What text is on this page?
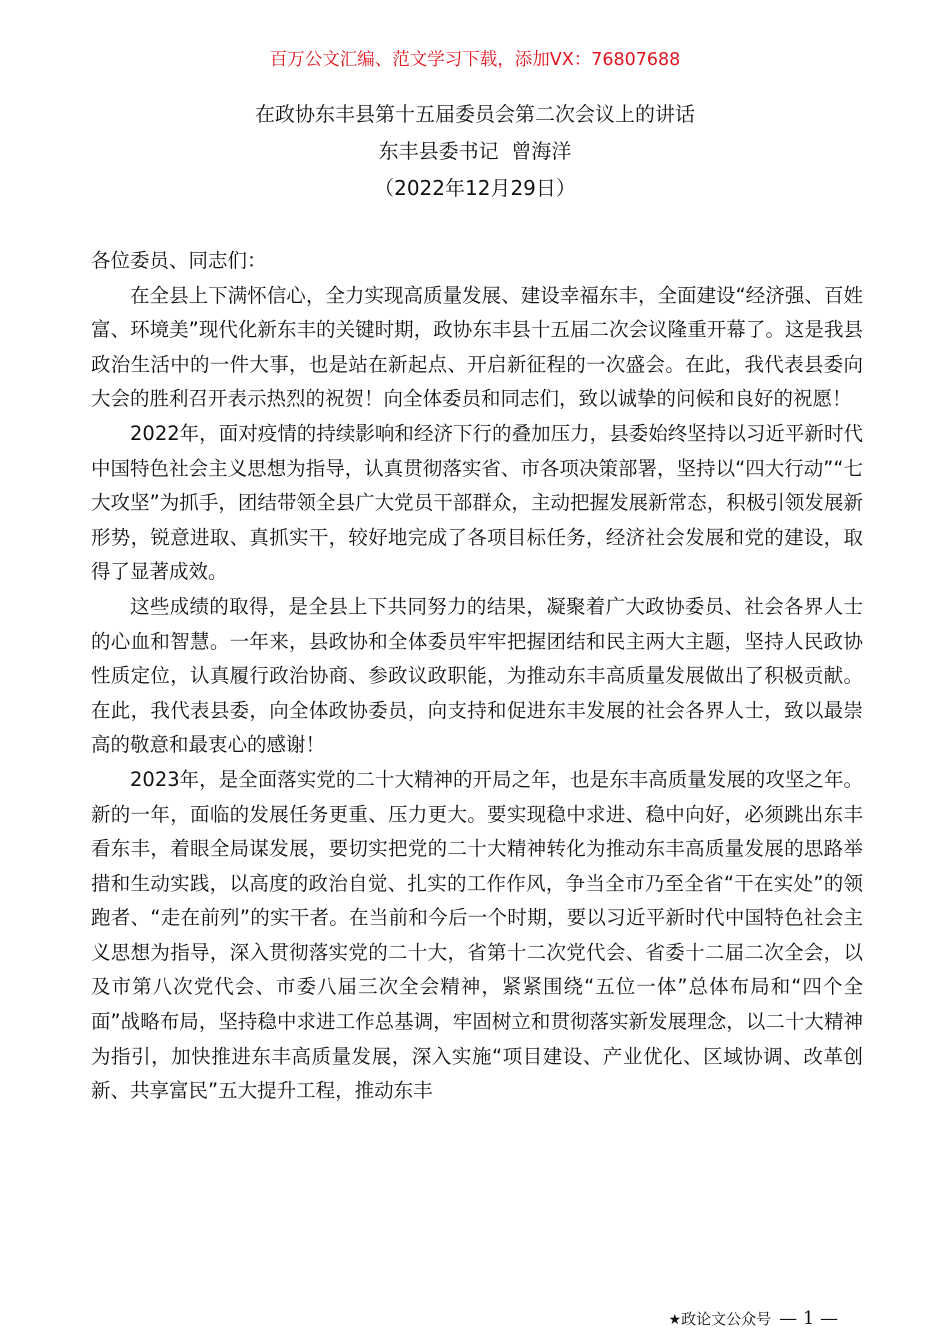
百万公文汇编、范文学习下载，添加VX：76807688
在政协东丰县第十五届委员会第二次会议上的讲话
东丰县委书记  曾海洋
（2022年12月29日）

各位委员、同志们：

在全县上下满怀信心，全力实现高质量发展、建设幸福东丰，全面建设“经济强、百姓富、环境美”现代化新东丰的关键时期，政协东丰县十五届二次会议隆重开幕了。这是我县政治生活中的一件大事，也是站在新起点、开启新征程的一次盛会。在此，我代表县委向大会的胜利召开表示热烈的祝贺！向全体委员和同志们，致以诚挚的问候和良好的祝愿！

2022年，面对疫情的持续影响和经济下行的叠加压力，县委始终坚持以习近平新时代中国特色社会主义思想为指导，认真贯彻落实省、市各项决策部署，坚持以“四大行动”“七大攻坚”为抓手，团结带领全县广大党员干部群众，主动把握发展新常态，积极引领发展新形势，锐意进取、真抓实干，较好地完成了各项目标任务，经济社会发展和党的建设，取得了显著成效。

这些成绩的取得，是全县上下共同努力的结果，凝聚着广大政协委员、社会各界人士的心血和智慧。一年来，县政协和全体委员牢牢把握团结和民主两大主题，坚持人民政协性质定位，认真履行政治协商、参政议政职能，为推动东丰高质量发展做出了积极贡献。在此，我代表县委，向全体政协委员，向支持和促进东丰发展的社会各界人士，致以最崇高的敬意和最衷心的感谢！

2023年，是全面落实党的二十大精神的开局之年，也是东丰高质量发展的攻坚之年。新的一年，面临的发展任务更重、压力更大。要实现稳中求进、稳中向好，必须跳出东丰看东丰，着眼全局谋发展，要切实把党的二十大精神转化为推动东丰高质量发展的思路举措和生动实践，以高度的政治自觉、扎实的工作作风，争当全市乃至全省“干在实处”的领跑者、“走在前列”的实干者。在当前和今后一个时期，要以习近平新时代中国特色社会主义思想为指导，深入贯彻落实党的二十大，省第十二次党代会、省委十二届二次全会，以及市第八次党代会、市委八届三次全会精神，紧紧围绕“五位一体”总体布局和“四个全面”战略布局，坚持稳中求进工作总基调，牢固树立和贯彻落实新发展理念，以二十大精神为指引，加快推进东丰高质量发展，深入实施“项目建设、产业优化、区域协调、改革创新、共享富民”五大提升工程，推动东丰

★政论文公众号 — 1 —
